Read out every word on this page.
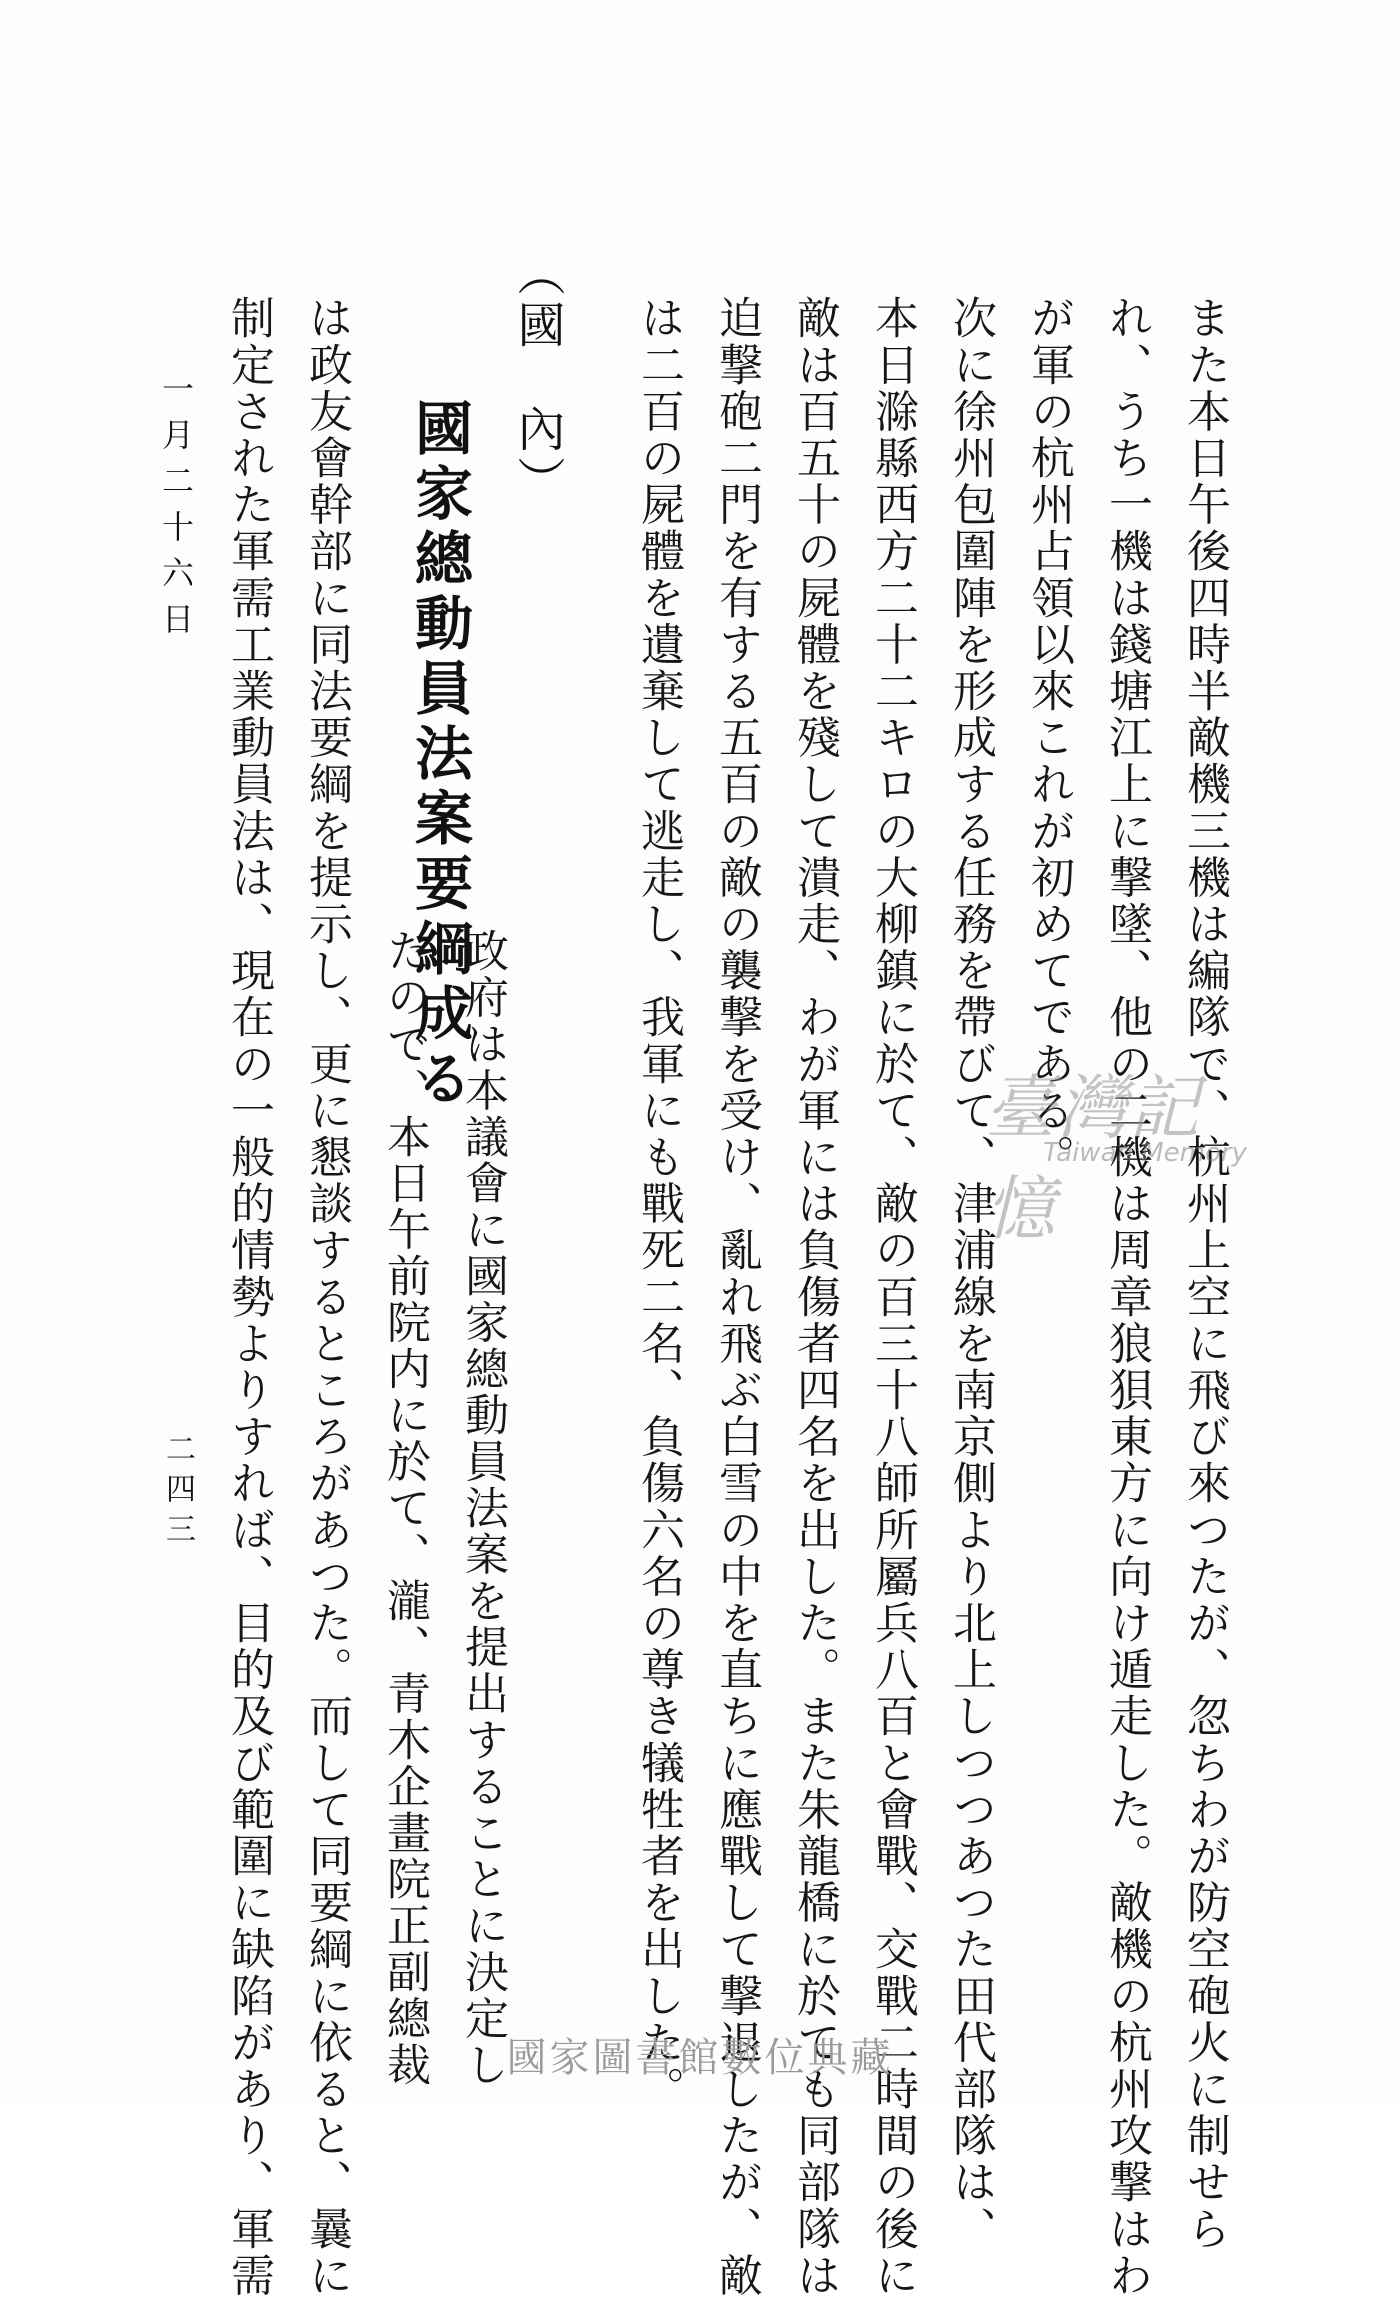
また本日午後四時半敵機三機は編隊で、杭州上空に飛び來つたが、忽ちわが防空砲火に制せら
れ、うち一機は錢塘江上に撃墜、他の二機は周章狼狽東方に向け遁走した。敵機の杭州攻撃はわ
が軍の杭州占領以來これが初めてである。
次に徐州包圍陣を形成する任務を帶びて、津浦線を南京側より北上しつつあつた田代部隊は、
本日滁縣西方二十二キロの大柳鎮に於て、敵の百三十八師所屬兵八百と會戰、交戰二時間の後に
敵は百五十の屍體を殘して潰走、わが軍には負傷者四名を出した。また朱龍橋に於ても同部隊は
迫撃砲二門を有する五百の敵の襲撃を受け、亂れ飛ぶ白雪の中を直ちに應戰して撃退したが、敵
は二百の屍體を遺棄して逃走し、我軍にも戰死二名、負傷六名の尊き犠牲者を出した。
（國　內）
國家總動員法案要綱成る
政府は本議會に國家總動員法案を提出することに決定し
たので、本日午前院内に於て、瀧、青木企畫院正副總裁
は政友會幹部に同法要綱を提示し、更に懇談するところがあつた。而して同要綱に依ると、曩に
制定された軍需工業動員法は、現在の一般的情勢よりすれば、目的及び範圍に缺陷があり、軍需
一月二十六日
二四三
臺灣記憶
Taiwan Memory
國家圖書館數位典藏
